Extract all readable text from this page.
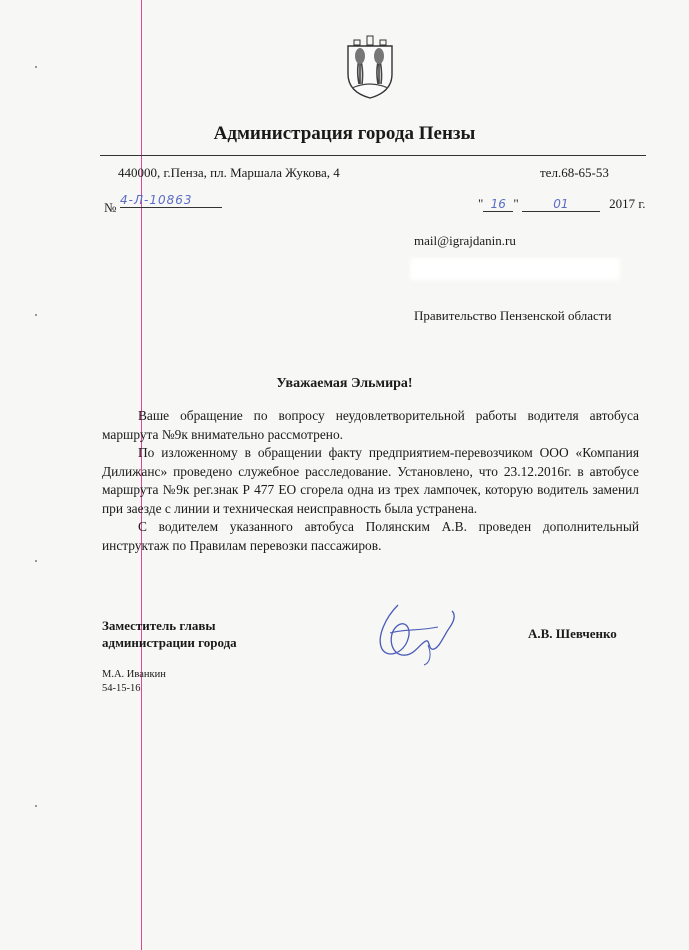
Администрация города Пензы
440000, г.Пенза, пл. Маршала Жукова, 4	тел.68-65-53
№ 4-Л-10863	" 16 "	01	2017 г.
mail@igrajdanin.ru
Правительство Пензенской области
Уважаемая Эльмира!

Ваше обращение по вопросу неудовлетворительной работы водителя автобуса маршрута №9к внимательно рассмотрено.

По изложенному в обращении факту предприятием-перевозчиком ООО «Компания Дилижанс» проведено служебное расследование. Установлено, что 23.12.2016г. в автобусе маршрута №9к рег.знак Р 477 ЕО сгорела одна из трех лампочек, которую водитель заменил при заезде с линии и техническая неисправность была устранена.

С водителем указанного автобуса Полянским А.В. проведен дополнительный инструктаж по Правилам перевозки пассажиров.

Заместитель главы
администрации города
А.В. Шевченко
М.А. Иванкин
54-15-16
